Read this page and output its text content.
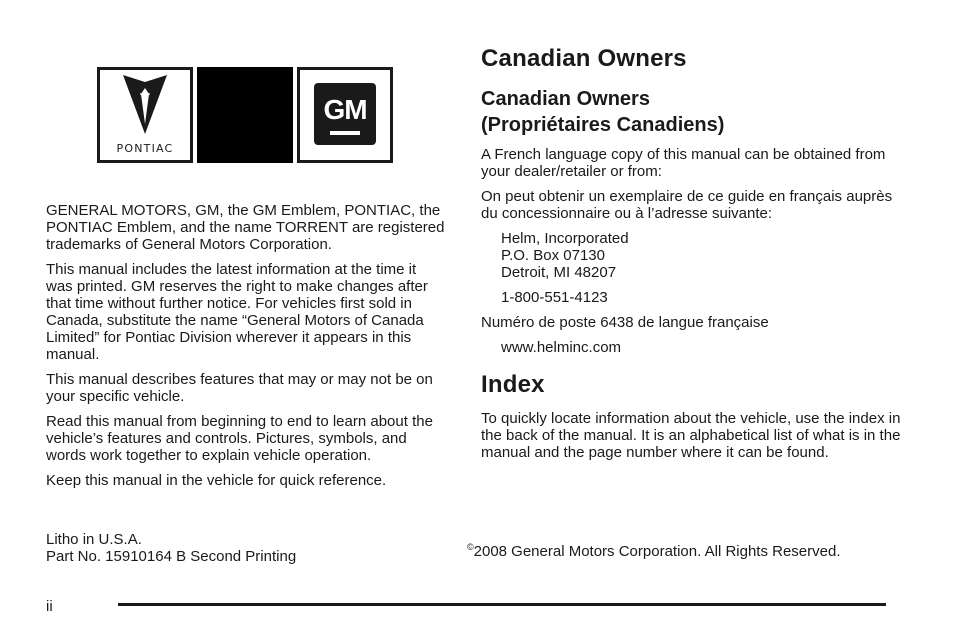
PONTIAC
GM

GENERAL MOTORS, GM, the GM Emblem, PONTIAC, the PONTIAC Emblem, and the name TORRENT are registered trademarks of General Motors Corporation.

This manual includes the latest information at the time it was printed. GM reserves the right to make changes after that time without further notice. For vehicles first sold in Canada, substitute the name “General Motors of Canada Limited” for Pontiac Division wherever it appears in this manual.

This manual describes features that may or may not be on your specific vehicle.

Read this manual from beginning to end to learn about the vehicle’s features and controls. Pictures, symbols, and words work together to explain vehicle operation.

Keep this manual in the vehicle for quick reference.

Canadian Owners

Canadian Owners

(Propriétaires Canadiens)

A French language copy of this manual can be obtained from your dealer/retailer or from:

On peut obtenir un exemplaire de ce guide en français auprès du concessionnaire ou à l’adresse suivante:

Helm, Incorporated

P.O. Box 07130

Detroit, MI 48207

1-800-551-4123

Numéro de poste 6438 de langue française

www.helminc.com

Index

To quickly locate information about the vehicle, use the index in the back of the manual. It is an alphabetical list of what is in the manual and the page number where it can be found.

Litho in U.S.A.
Part No. 15910164 B Second Printing
©2008 General Motors Corporation. All Rights Reserved.
ii
